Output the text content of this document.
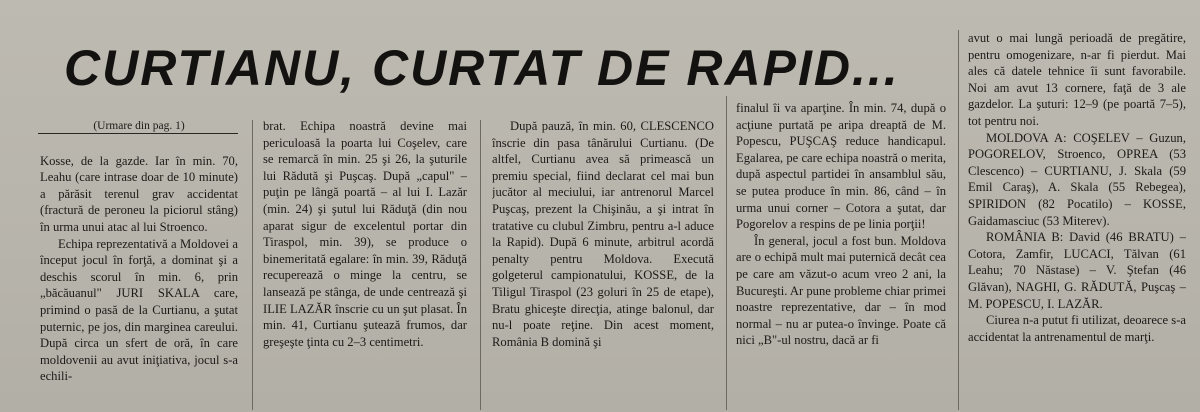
CURTIANU, CURTAT DE RAPID...

(Urmare din pag. 1)

Kosse, de la gazde. Iar în min. 70, Leahu (care intrase doar de 10 minute) a părăsit terenul grav accidentat (fractură de peroneu la piciorul stâng) în urma unui atac al lui Stroenco.

Echipa reprezentativă a Moldovei a început jocul în forţă, a dominat şi a deschis scorul în min. 6, prin „băcăuanul" JURI SKALA care, primind o pasă de la Curtianu, a şutat puternic, pe jos, din marginea careului. După circa un sfert de oră, în care moldovenii au avut iniţiativa, jocul s-a echili-

brat. Echipa noastră devine mai periculoasă la poarta lui Coşelev, care se remarcă în min. 25 şi 26, la şuturile lui Rădută şi Puşcaş. După „capul" – puţin pe lângă poartă – al lui I. Lazăr (min. 24) şi şutul lui Răduţă (din nou aparat sigur de excelentul portar din Tiraspol, min. 39), se produce o binemeritată egalare: în min. 39, Răduţă recuperează o minge la centru, se lansează pe stânga, de unde centrează şi ILIE LAZĂR înscrie cu un şut plasat. În min. 41, Curtianu şutează frumos, dar greşeşte ţinta cu 2–3 centimetri.

După pauză, în min. 60, CLESCENCO înscrie din pasa tânărului Curtianu. (De altfel, Curtianu avea să primească un premiu special, fiind declarat cel mai bun jucător al meciului, iar antrenorul Marcel Puşcaş, prezent la Chişinău, a şi intrat în tratative cu clubul Zimbru, pentru a-l aduce la Rapid). După 6 minute, arbitrul acordă penalty pentru Moldova. Execută golgeterul campionatului, KOSSE, de la Tiligul Tiraspol (23 goluri în 25 de etape), Bratu ghiceşte direcţia, atinge balonul, dar nu-l poate reţine. Din acest moment, România B domină şi

finalul îi va aparţine. În min. 74, după o acţiune purtată pe aripa dreaptă de M. Popescu, PUŞCAŞ reduce handicapul. Egalarea, pe care echipa noastră o merita, după aspectul partidei în ansamblul său, se putea produce în min. 86, când – în urma unui corner – Cotora a şutat, dar Pogorelov a respins de pe linia porţii!

În general, jocul a fost bun. Moldova are o echipă mult mai puternică decât cea pe care am văzut-o acum vreo 2 ani, la Bucureşti. Ar pune probleme chiar primei noastre reprezentative, dar – în mod normal – nu ar putea-o învinge. Poate că nici „B"-ul nostru, dacă ar fi

avut o mai lungă perioadă de pregătire, pentru omogenizare, n-ar fi pierdut. Mai ales că datele tehnice îi sunt favorabile. Noi am avut 13 cornere, faţă de 3 ale gazdelor. La şuturi: 12–9 (pe poartă 7–5), tot pentru noi.

MOLDOVA A: COŞELEV – Guzun, POGORELOV, Stroenco, OPREA (53 Clescenco) – CURTIANU, J. Skala (59 Emil Caraş), A. Skala (55 Rebegea), SPIRIDON (82 Pocatilo) – KOSSE, Gaidamasciuc (53 Miterev).

ROMÂNIA B: David (46 BRATU) – Cotora, Zamfir, LUCACI, Tălvan (61 Leahu; 70 Năstase) – V. Ştefan (46 Glăvan), NAGHI, G. RĂDUTĂ, Puşcaş – M. POPESCU, I. LAZĂR.

Ciurea n-a putut fi utilizat, deoarece s-a accidentat la antrenamentul de marţi.
